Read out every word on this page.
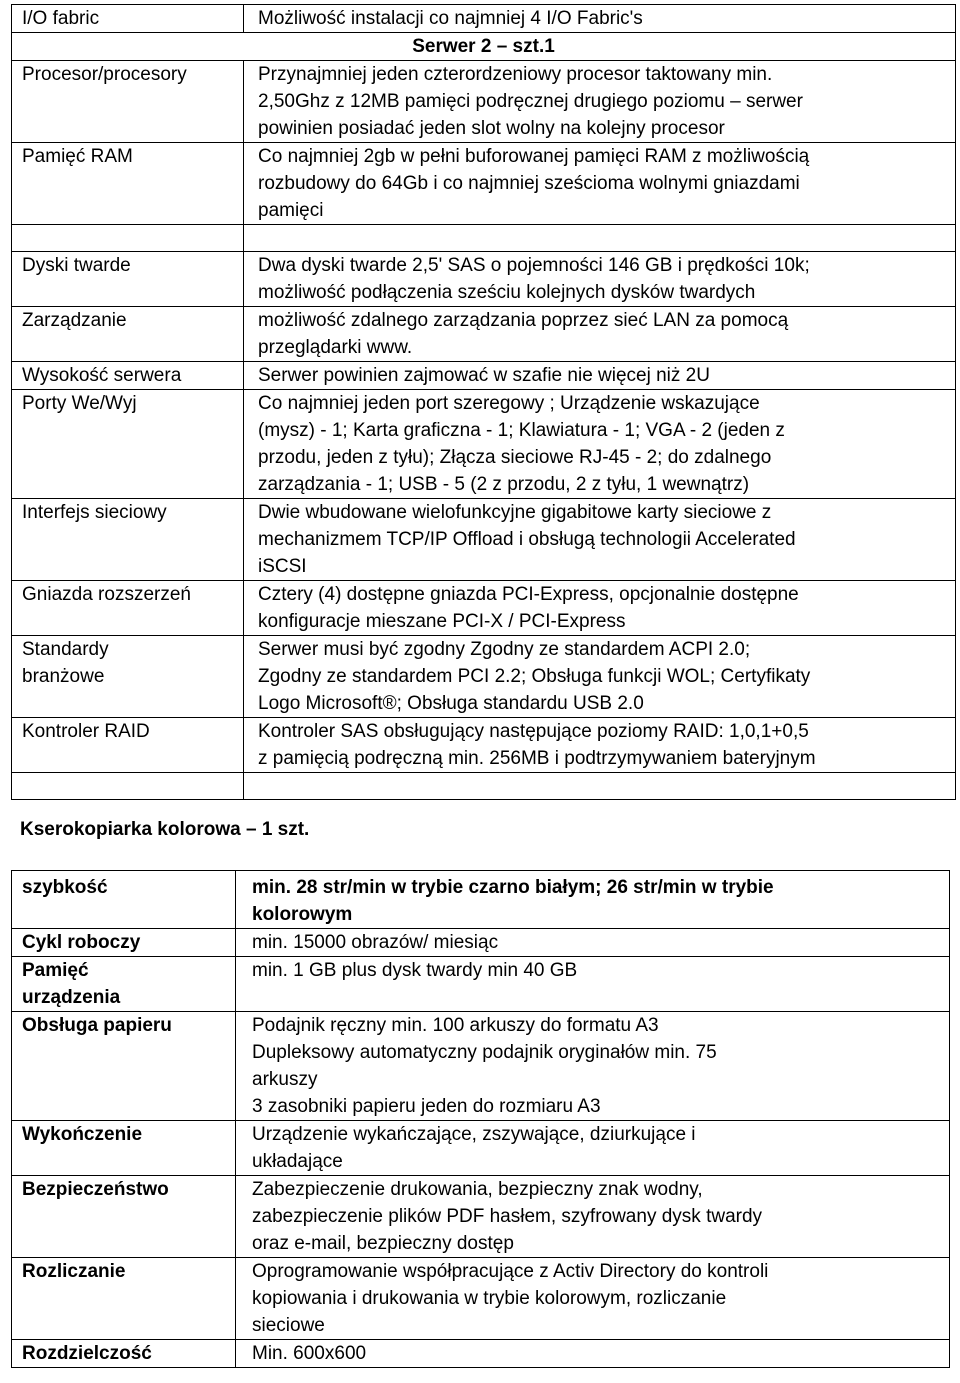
I/O fabric	Możliwość instalacji co najmniej 4 I/O Fabric's
Serwer 2 – szt.1	
Procesor/procesory	Przynajmniej jeden czterordzeniowy procesor taktowany min.
2,50Ghz z 12MB pamięci podręcznej drugiego poziomu – serwer
powinien posiadać jeden slot wolny na kolejny procesor

Pamięć RAM	Co najmniej 2gb w pełni buforowanej pamięci RAM z możliwością
rozbudowy do 64Gb i co najmniej sześcioma wolnymi gniazdami
pamięci

Dyski twarde	Dwa dyski twarde 2,5' SAS o pojemności 146 GB i prędkości 10k;
możliwość podłączenia sześciu kolejnych dysków twardych

Zarządzanie	możliwość zdalnego zarządzania poprzez sieć LAN za pomocą
przeglądarki www.

Wysokość serwera	Serwer powinien zajmować w szafie nie więcej niż 2U

Porty We/Wyj	Co najmniej jeden port szeregowy ; Urządzenie wskazujące
(mysz) - 1; Karta graficzna - 1; Klawiatura - 1; VGA - 2 (jeden z
przodu, jeden z tyłu); Złącza sieciowe RJ-45 - 2; do zdalnego
zarządzania - 1; USB - 5 (2 z przodu, 2 z tyłu, 1 wewnątrz)

Interfejs sieciowy	Dwie wbudowane wielofunkcyjne gigabitowe karty sieciowe z
mechanizmem TCP/IP Offload i obsługą technologii Accelerated
iSCSI

Gniazda rozszerzeń	Cztery (4) dostępne gniazda PCI-Express, opcjonalnie dostępne
konfiguracje mieszane PCI-X / PCI-Express

Standardy branżowe	Serwer musi być zgodny Zgodny ze standardem ACPI 2.0;
Zgodny ze standardem PCI 2.2; Obsługa funkcji WOL; Certyfikaty
Logo Microsoft®; Obsługa standardu USB 2.0

Kontroler RAID	Kontroler SAS obsługujący następujące poziomy RAID: 1,0,1+0,5
z pamięcią podręczną min. 256MB i podtrzymywaniem bateryjnym

Kserokopiarka kolorowa – 1 szt.
szybkość	min. 28 str/min w trybie czarno białym; 26 str/min w trybie
kolorowym

Cykl roboczy	min. 15000 obrazów/ miesiąc

Pamięć urządzenia	min. 1 GB plus dysk twardy min 40 GB

Obsługa papieru	Podajnik ręczny min. 100 arkuszy do formatu A3
Dupleksowy automatyczny podajnik oryginałów min. 75
arkuszy
3 zasobniki papieru jeden do rozmiaru A3

Wykończenie	Urządzenie wykańczające, zszywające, dziurkujące i
układające

Bezpieczeństwo	Zabezpieczenie drukowania, bezpieczny znak wodny,
zabezpieczenie plików PDF hasłem, szyfrowany dysk twardy
oraz e-mail, bezpieczny dostęp

Rozliczanie	Oprogramowanie współpracujące z Activ Directory do kontroli
kopiowania i drukowania w trybie kolorowym, rozliczanie
sieciowe

Rozdzielczość	Min. 600x600
